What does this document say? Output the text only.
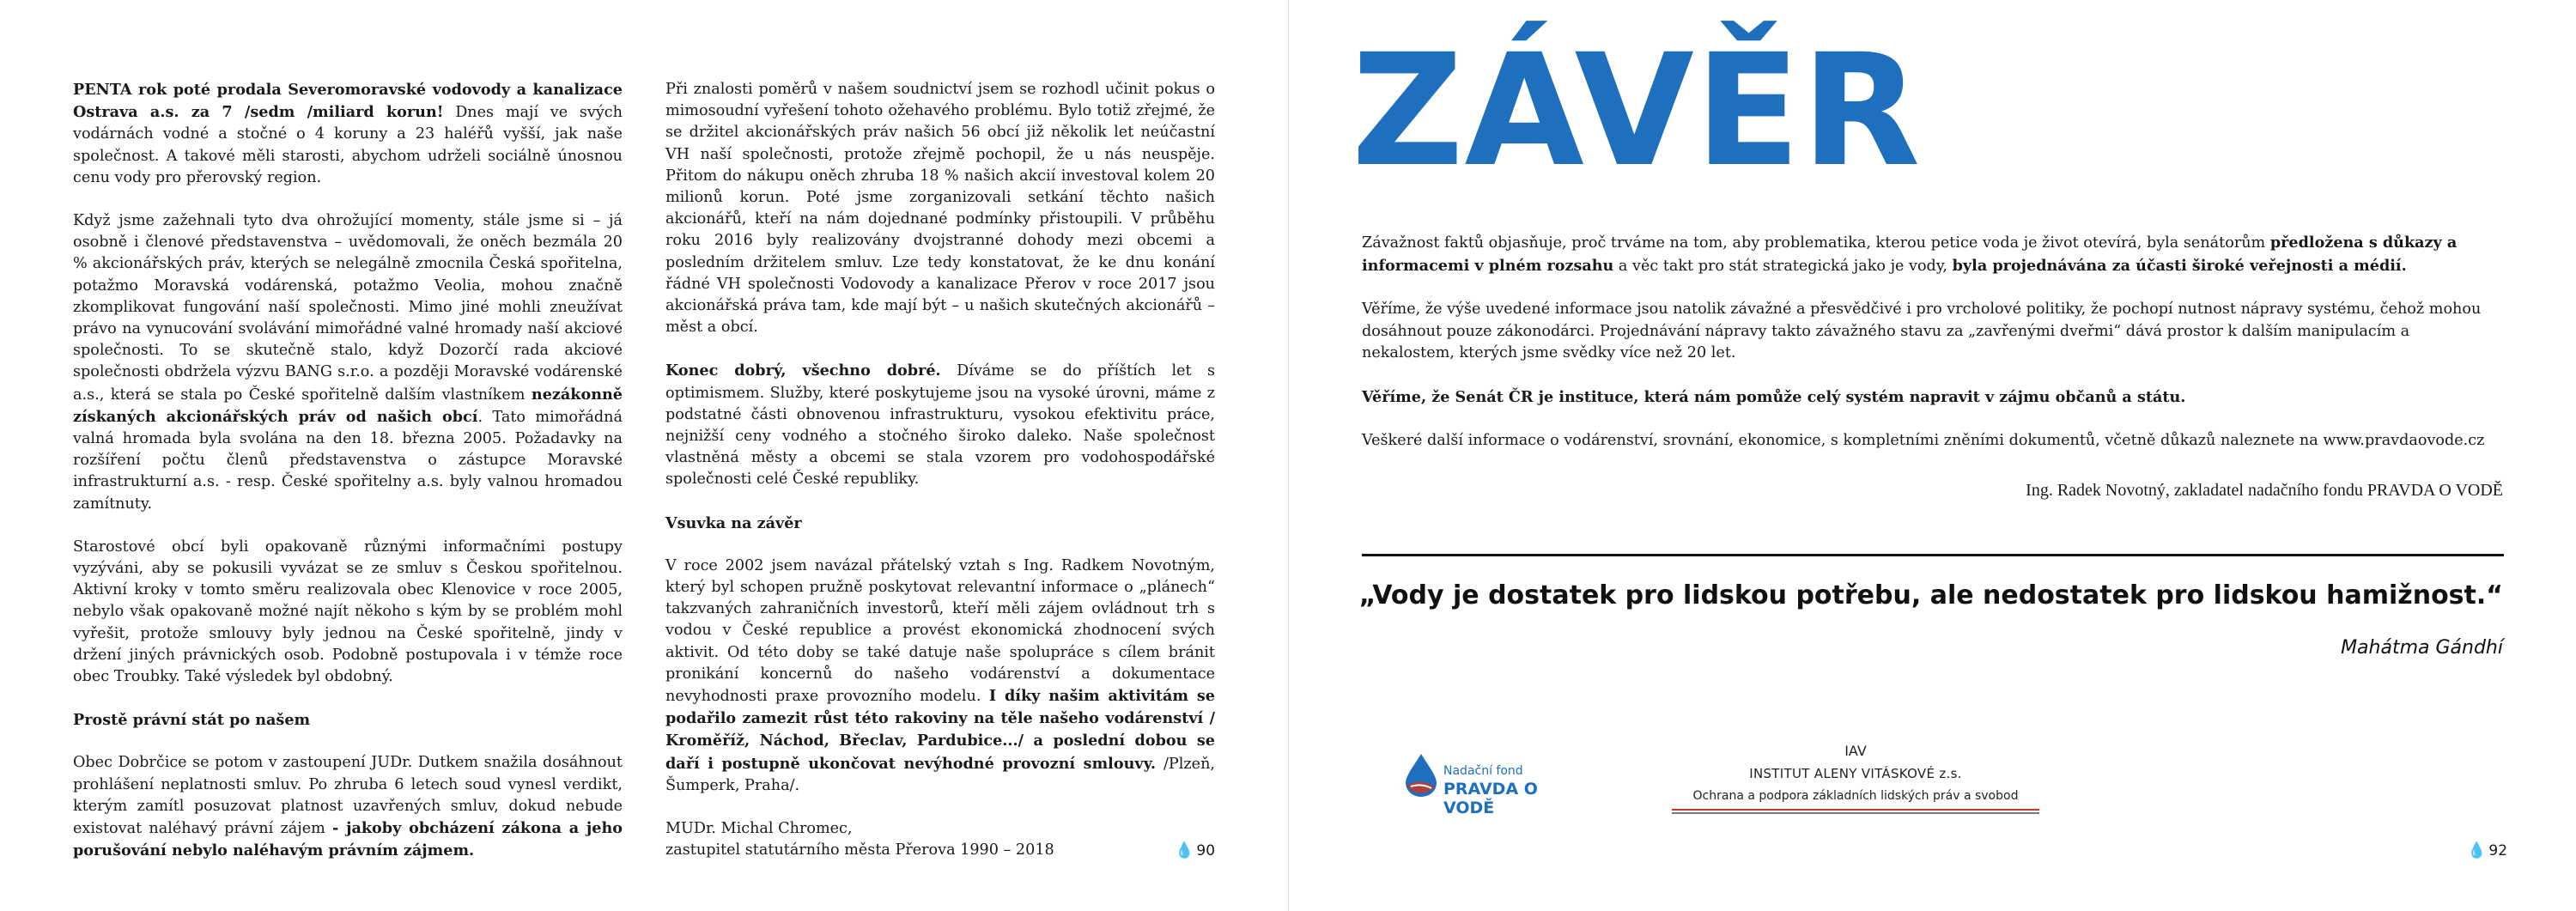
PENTA rok poté prodala Severomoravské vodovody a kanalizace Ostrava a.s. za 7 /sedm /miliard korun! Dnes mají ve svých vodárnách vodné a stočné o 4 koruny a 23 haléřů vyšší, jak naše společnost. A takové měli starosti, abychom udrželi sociálně únosnou cenu vody pro přerovský region.

Když jsme zažehnali tyto dva ohrožující momenty, stále jsme si – já osobně i členové představenstva – uvědomovali, že oněch bezmála 20 % akcionářských práv, kterých se nelegálně zmocnila Česká spořitelna, potažmo Moravská vodárenská, potažmo Veolia, mohou značně zkomplikovat fungování naší společnosti. Mimo jiné mohli zneužívat právo na vynucování svolávání mimořádné valné hromady naší akciové společnosti. To se skutečně stalo, když Dozorčí rada akciové společnosti obdržela výzvu BANG s.r.o. a později Moravské vodárenské a.s., která se stala po České spořitelně dalším vlastníkem nezákonně získaných akcionářských práv od našich obcí. Tato mimořádná valná hromada byla svolána na den 18. března 2005. Požadavky na rozšíření počtu členů představenstva o zástupce Moravské infrastrukturní a.s. - resp. České spořitelny a.s. byly valnou hromadou zamítnuty.

Starostové obcí byli opakovaně různými informačními postupy vyzýváni, aby se pokusili vyvázat se ze smluv s Českou spořitelnou. Aktivní kroky v tomto směru realizovala obec Klenovice v roce 2005, nebylo však opakovaně možné najít někoho s kým by se problém mohl vyřešit, protože smlouvy byly jednou na České spořitelně, jindy v držení jiných právnických osob. Podobně postupovala i v témže roce obec Troubky. Také výsledek byl obdobný.

Prostě právní stát po našem

Obec Dobrčice se potom v zastoupení JUDr. Dutkem snažila dosáhnout prohlášení neplatnosti smluv. Po zhruba 6 letech soud vynesl verdikt, kterým zamítl posuzovat platnost uzavřených smluv, dokud nebude existovat naléhavý právní zájem - jakoby obcházení zákona a jeho porušování nebylo naléhavým právním zájmem.

Při znalosti poměrů v našem soudnictví jsem se rozhodl učinit pokus o mimosoudní vyřešení tohoto ožehavého problému. Bylo totiž zřejmé, že se držitel akcionářských práv našich 56 obcí již několik let neúčastní VH naší společnosti, protože zřejmě pochopil, že u nás neuspěje. Přitom do nákupu oněch zhruba 18 % našich akcií investoval kolem 20 milionů korun. Poté jsme zorganizovali setkání těchto našich akcionářů, kteří na nám dojednané podmínky přistoupili. V průběhu roku 2016 byly realizovány dvojstranné dohody mezi obcemi a posledním držitelem smluv. Lze tedy konstatovat, že ke dnu konání řádné VH společnosti Vodovody a kanalizace Přerov v roce 2017 jsou akcionářská práva tam, kde mají být – u našich skutečných akcionářů – měst a obcí.

Konec dobrý, všechno dobré. Díváme se do příštích let s optimismem. Služby, které poskytujeme jsou na vysoké úrovni, máme z podstatné části obnovenou infrastrukturu, vysokou efektivitu práce, nejnižší ceny vodného a stočného široko daleko. Naše společnost vlastněná městy a obcemi se stala vzorem pro vodohospodářské společnosti celé České republiky.

Vsuvka na závěr

V roce 2002 jsem navázal přátelský vztah s Ing. Radkem Novotným, který byl schopen pružně poskytovat relevantní informace o „plánech“ takzvaných zahraničních investorů, kteří měli zájem ovládnout trh s vodou v České republice a provést ekonomická zhodnocení svých aktivit. Od této doby se také datuje naše spolupráce s cílem bránit pronikání koncernů do našeho vodárenství a dokumentace nevyhodnosti praxe provozního modelu. I díky našim aktivitám se podařilo zamezit růst této rakoviny na těle našeho vodárenství / Kroměříž, Náchod, Břeclav, Pardubice.../ a poslední dobou se daří i postupně ukončovat nevýhodné provozní smlouvy. /Plzeň, Šumperk, Praha/.

MUDr. Michal Chromec,
zastupitel statutárního města Přerova 1990 – 2018	💧 90
ZÁVĚR

Závažnost faktů objasňuje, proč trváme na tom, aby problematika, kterou petice voda je život otevírá, byla senátorům předložena s důkazy a informacemi v plném rozsahu a věc takt pro stát strategická jako je vody, byla projednávána za účasti široké veřejnosti a médií.

Věříme, že výše uvedené informace jsou natolik závažné a přesvědčivé i pro vrcholové politiky, že pochopí nutnost nápravy systému, čehož mohou dosáhnout pouze zákonodárci. Projednávání nápravy takto závažného stavu za „zavřenými dveřmi“ dává prostor k dalším manipulacím a nekalostem, kterých jsme svědky více než 20 let.

Věříme, že Senát ČR je instituce, která nám pomůže celý systém napravit v zájmu občanů a státu.

Veškeré další informace o vodárenství, srovnání, ekonomice, s kompletními zněními dokumentů, včetně důkazů naleznete na www.pravdaovode.cz

Ing. Radek Novotný, zakladatel nadačního fondu PRAVDA O VODĚ
„Vody je dostatek pro lidskou potřebu, ale nedostatek pro lidskou hamižnost.“
Mahátma Gándhí
Nadační fond
PRAVDA O VODĚ
IAV
INSTITUT ALENY VITÁSKOVÉ z.s.
Ochrana a podpora základních lidských práv a svobod
💧 92
